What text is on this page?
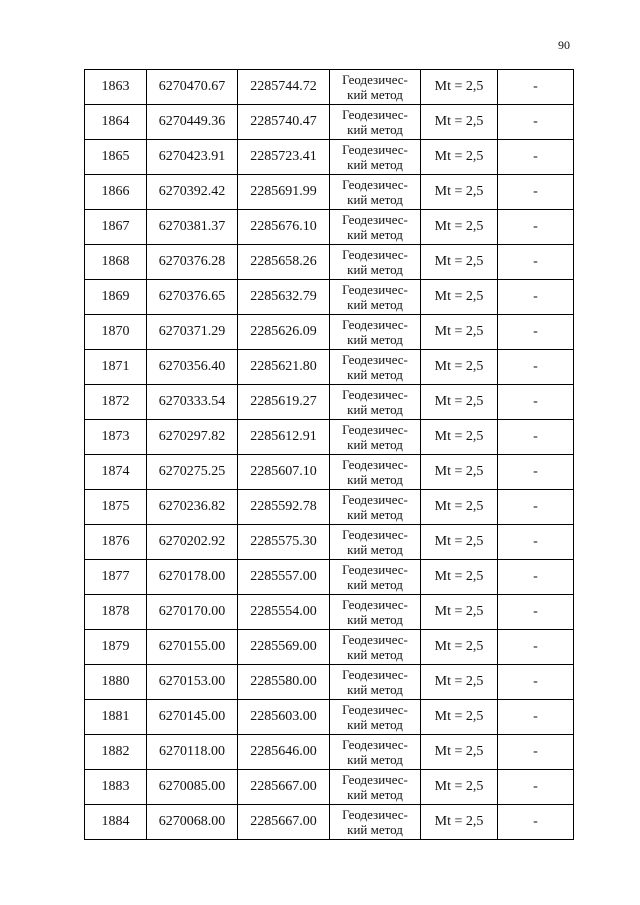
90
1863	6270470.67	2285744.72	Геодезичес-
кий метод	Mt = 2,5	-
1864	6270449.36	2285740.47	Геодезичес-
кий метод	Mt = 2,5	-
1865	6270423.91	2285723.41	Геодезичес-
кий метод	Mt = 2,5	-
1866	6270392.42	2285691.99	Геодезичес-
кий метод	Mt = 2,5	-
1867	6270381.37	2285676.10	Геодезичес-
кий метод	Mt = 2,5	-
1868	6270376.28	2285658.26	Геодезичес-
кий метод	Mt = 2,5	-
1869	6270376.65	2285632.79	Геодезичес-
кий метод	Mt = 2,5	-
1870	6270371.29	2285626.09	Геодезичес-
кий метод	Mt = 2,5	-
1871	6270356.40	2285621.80	Геодезичес-
кий метод	Mt = 2,5	-
1872	6270333.54	2285619.27	Геодезичес-
кий метод	Mt = 2,5	-
1873	6270297.82	2285612.91	Геодезичес-
кий метод	Mt = 2,5	-
1874	6270275.25	2285607.10	Геодезичес-
кий метод	Mt = 2,5	-
1875	6270236.82	2285592.78	Геодезичес-
кий метод	Mt = 2,5	-
1876	6270202.92	2285575.30	Геодезичес-
кий метод	Mt = 2,5	-
1877	6270178.00	2285557.00	Геодезичес-
кий метод	Mt = 2,5	-
1878	6270170.00	2285554.00	Геодезичес-
кий метод	Mt = 2,5	-
1879	6270155.00	2285569.00	Геодезичес-
кий метод	Mt = 2,5	-
1880	6270153.00	2285580.00	Геодезичес-
кий метод	Mt = 2,5	-
1881	6270145.00	2285603.00	Геодезичес-
кий метод	Mt = 2,5	-
1882	6270118.00	2285646.00	Геодезичес-
кий метод	Mt = 2,5	-
1883	6270085.00	2285667.00	Геодезичес-
кий метод	Mt = 2,5	-
1884	6270068.00	2285667.00	Геодезичес-
кий метод	Mt = 2,5	-
